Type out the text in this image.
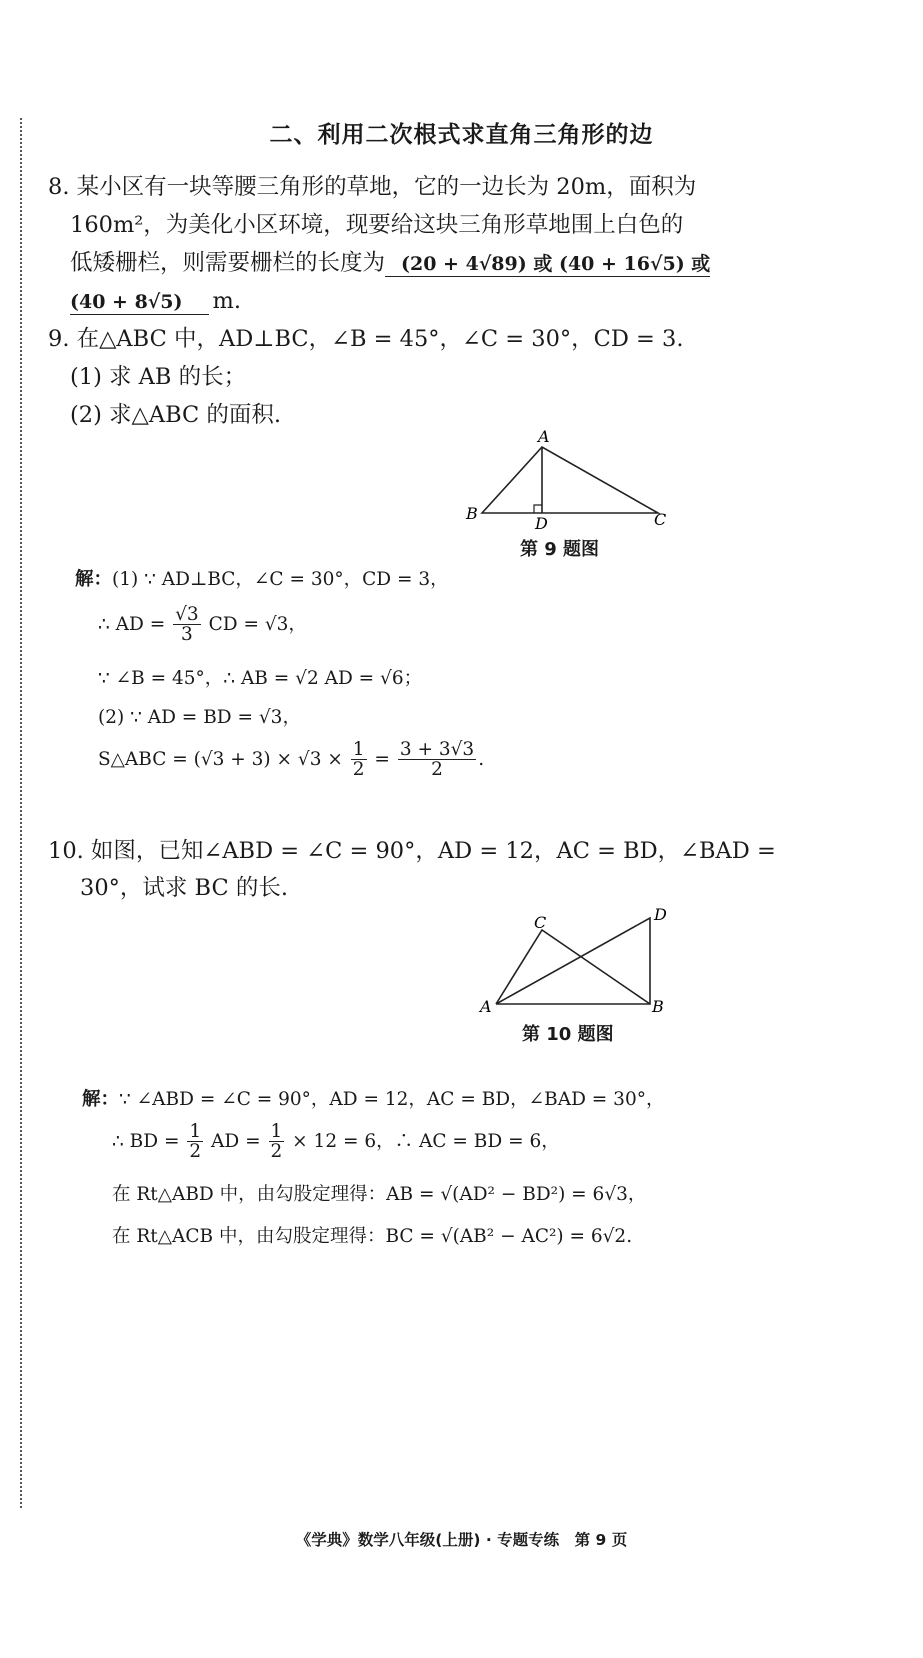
二、利用二次根式求直角三角形的边
8. 某小区有一块等腰三角形的草地，它的一边长为 20m，面积为
160m²，为美化小区环境，现要给这块三角形草地围上白色的
低矮栅栏，则需要栅栏的长度为 (20 + 4√89) 或 (40 + 16√5) 或
(40 + 8√5) m.
9. 在△ABC 中，AD⊥BC，∠B = 45°，∠C = 30°，CD = 3.
(1) 求 AB 的长；
(2) 求△ABC 的面积.
A
B	C
D
第 9 题图
解：(1) ∵ AD⊥BC，∠C = 30°，CD = 3，
∴ AD = $\frac{√3}{3}$ CD = √3，
∵ ∠B = 45°，∴ AB = √2 AD = √6；
(2) ∵ AD = BD = √3，
S△ABC = $(√3 + 3) \times √3 \times \frac{1}{2} = \frac{3 + 3√3}{2}$ .
10. 如图，已知∠ABD = ∠C = 90°，AD = 12，AC = BD，∠BAD =
30°，试求 BC 的长.
C	D
A	B
第 10 题图
解：∵ ∠ABD = ∠C = 90°，AD = 12，AC = BD，∠BAD = 30°，
∴ BD = $\frac{1}{2}$ AD = $\frac{1}{2} \times 12 = 6$，∴ AC = BD = 6，
在 Rt△ABD 中，由勾股定理得：AB = √(AD² − BD²) = 6√3，
在 Rt△ACB 中，由勾股定理得：BC = √(AB² − AC²) = 6√2.
《学典》数学八年级(上册) · 专题专练　第 9 页
